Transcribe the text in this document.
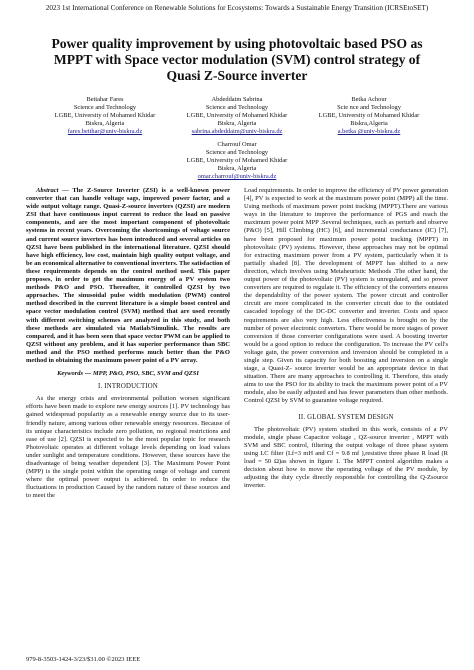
2023 1st International Conference on Renewable Solutions for Ecosystems: Towards a Sustainable Energy Transition (ICRSEtoSET)
Power quality improvement by using photovoltaic based PSO as MPPT with Space vector modulation (SVM) control strategy of Quasi Z-Source inverter
Bettahar Fares
Science and Technology
LGBE, University of Mohamed Khidar
Biskra, Algeria
fares.betthar@univ-biskra.dz
Abdeddaim Sabrina
Science and Technology
LGBE, University of Mohamed Khidar
Biskra, Algeria
sabrina.abdeddaim@univ-biskra.dz
Betka Achour
Scie nce and Technology
LGBE, University of Mohamed Khidar
Biskra,Algeria
a.betka @univ-biskra.dz
Charrouf Omar
Science and Technology
LGBE, University of Mohamed Khidar
Biskra, Algeria
omar.charrouf@univ-biskra.dz

Abstract — The Z-Source Inverter (ZSI) is a well-known power converter that can handle voltage sags, improved power factor, and a wide output voltage range. Quasi-Z-source inverters (QZSI) are modern ZSI that have continuous input current to reduce the load on passive components, and are the most important component of photovoltaic systems in recent years. Overcoming the shortcomings of voltage source and current source inverters has been introduced and several articles on QZSI have been published in the international literature. QZSI should have high efficiency, low cost, maintain high quality output voltage, and be an economical alternative to conventional inverters. The satisfaction of these requirements depends on the control method used. This paper proposes, in order to get the maximum energy of a PV system two methods P&O and PSO. Thereafter, it controlled QZSI by two approaches. The sinusoidal pulse width modulation (PWM) control method described in the current literature is a simple boost control and space vector modulation control (SVM) method that are used recently with different switching schemes are analyzed in this study, and both these methods are simulated via Matlab/Simulink. The results are compared, and it has been seen that space vector PWM can be applied to QZSI without any problem, and it has superior performance than SBC method and the PSO method performs much better than the P&O method in obtaining the maximum power point of a PV array.

Keywords --- MPP, P&O, PSO, SBC, SVM and QZSI

I. INTRODUCTION

As the energy crisis and environmental pollution worsen significant efforts have been made to explore new energy sources [1]. PV technology has gained widespread popularity as a renewable energy source due to its user-friendly nature, among various other renewable energy resources. Because of its unique characteristics include zero pollution, no regional restrictions and ease of use [2]. QZSI is expected to be the most popular topic for research Photovoltaic operates at different voltage levels depending on load values under sunlight and temperature conditions. However, these sources have the disadvantage of being weather dependent [3]. The Maximum Power Point (MPP) is the single point within the operating range of voltage and current where the optimal power output is achieved. In order to reduce the fluctuations in production Caused by the random nature of these sources and to meet the

Load requirements. In order to improve the efficiency of PV power generation [4], PV is expected to work at the maximum power point (MPP) all the time. Using methods of maximum power point tracking (MPPT).There are various ways in the literature to improve the performance of PGS and reach the maximum power point MPP .Several techniques, such as perturb and observe (P&O) [5], Hill Climbing (HC) [6], and incremental conductance (IC) [7], have been proposed for maximum power point tracking (MPPT) in photovoltaic (PV) systems. However, these approaches may not be optimal for extracting maximum power from a PV system, particularly when it is partially shaded [8]. The development of MPPT has shifted to a new direction, which involves using Metaheuristic Methods .The other hand, the output power of the photovoltaic (PV) system is unregulated, and so power converters are required to regulate it. The efficiency of the converters ensures the dependability of the power system. The power circuit and controller circuit are more complicated in the converter circuit due to the outdated cascaded topology of the DC-DC converter and inverter. Costs and space requirements are also very high. Less effectiveness is brought on by the number of power electronic converters. There would be more stages of power conversion if those converter configurations were used. A boosting inverter would be a good option to reduce the configuration. To increase the PV cell's voltage gain, the power conversion and inversion should be completed in a single step. Given its capacity for both boosting and inversion on a single stage, a Quasi-Z- source inverter would be an appropriate device in that situation. There are many approaches to controlling it. Therefore, this study aims to use the PSO for its ability to track the maximum power point of a PV module, also be easily adjusted and has fewer parameters than other methods. Control QZSI by SVM to guarantee voltage required.

II. GLOBAL SYSTEM DESIGN

The photovoltaic (PV) system studied in this work, consists of a PV module, single phase Capacitor voltage , QZ-source inverter , MPPT with SVM and SBC control, filtering the output voltage of three phase system using LC filter (Lf=3 mH and Cf = 9.8 mf ),resistive three phase R load (R load = 50 Ω)as shown in figure 1. The MPPT control algorithm makes a decision about how to move the operating voltage of the PV module, by adjusting the duty cycle directly responsible for controlling the Q-Zsource inverter.

979-8-3503-1424-3/23/$31.00 ©2023 IEEE
